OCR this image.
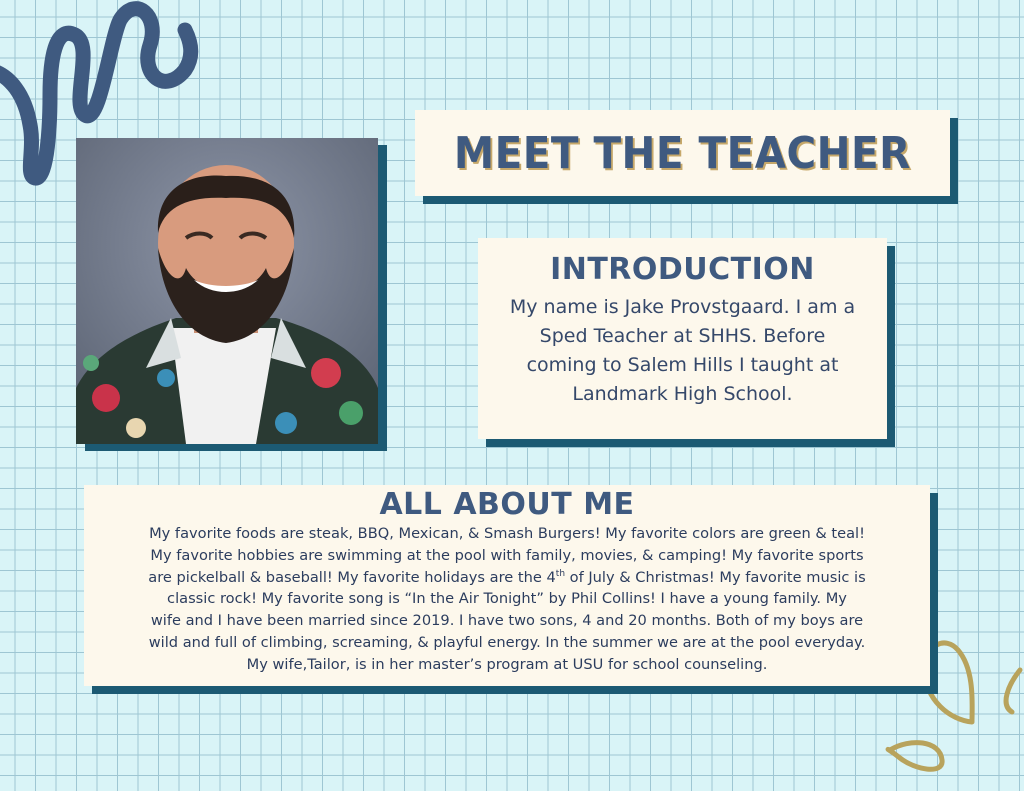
MEET THE TEACHER
INTRODUCTION
My name is Jake Provstgaard. I am a
Sped Teacher at SHHS. Before
coming to Salem Hills I taught at
Landmark High School.
ALL ABOUT ME
My favorite foods are steak, BBQ, Mexican, & Smash Burgers! My favorite colors are green & teal!
My favorite hobbies are swimming at the pool with family, movies, & camping! My favorite sports
are pickelball & baseball! My favorite holidays are the 4th of July & Christmas! My favorite music is
classic rock! My favorite song is “In the Air Tonight” by Phil Collins! I have a young family. My
wife and I have been married since 2019. I have two sons, 4 and 20 months. Both of my boys are
wild and full of climbing, screaming, & playful energy. In the summer we are at the pool everyday.
My wife,Tailor, is in her master’s program at USU for school counseling.
